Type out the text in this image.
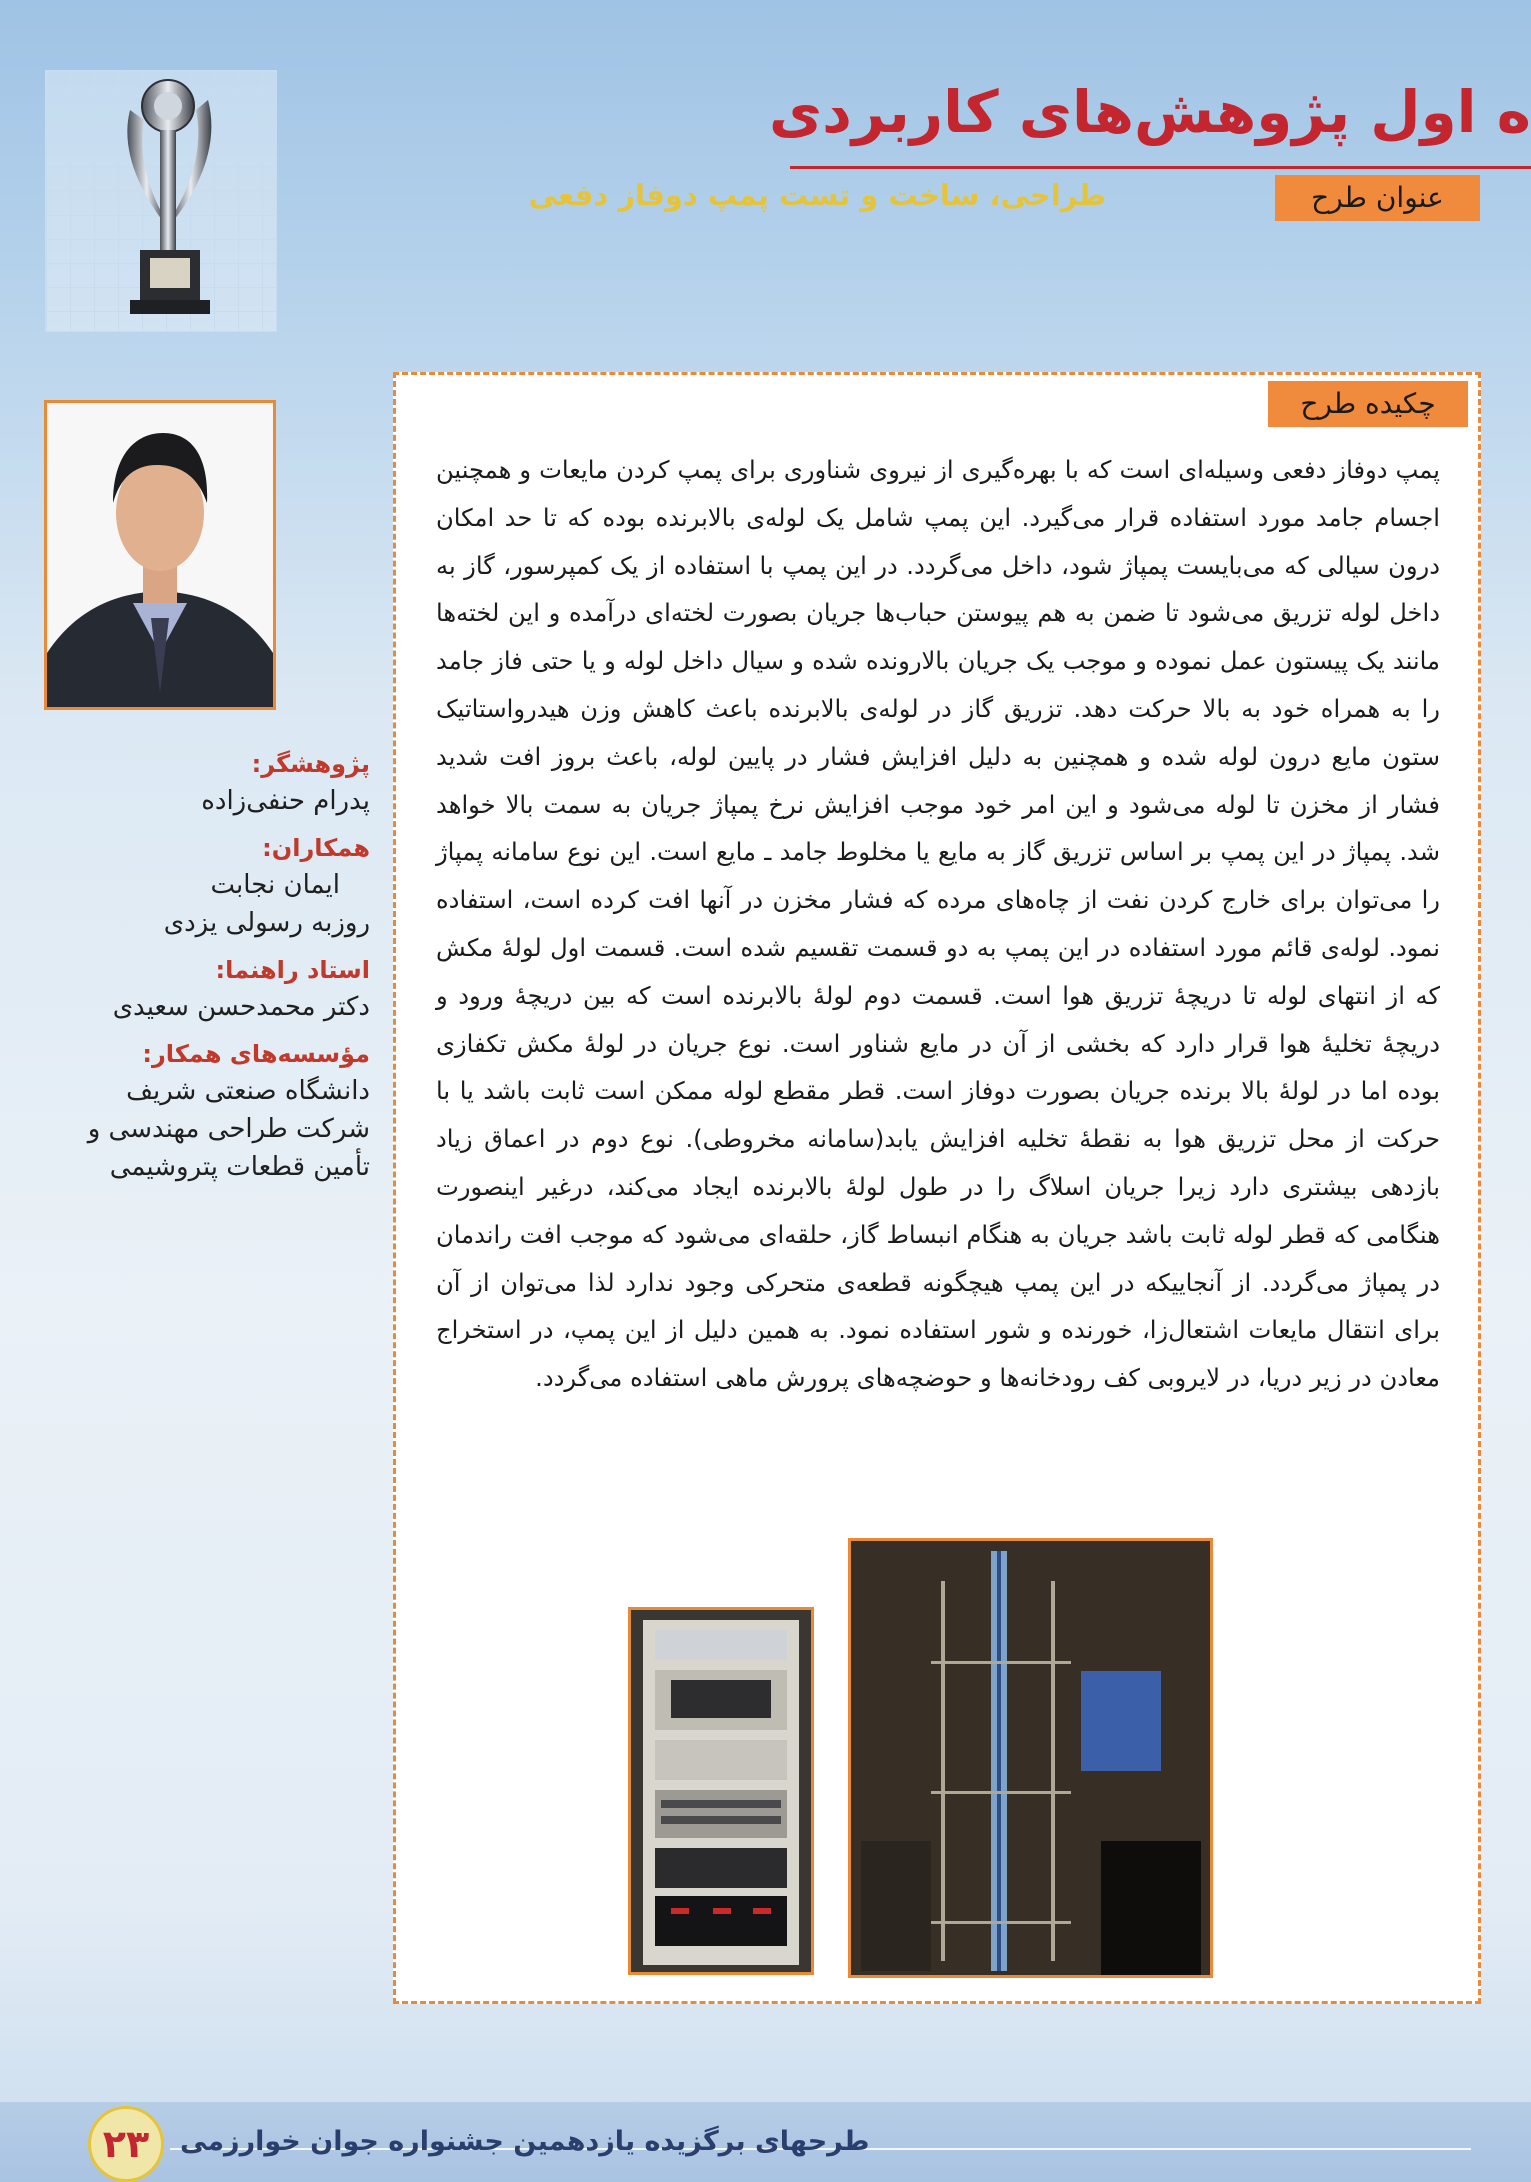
ه اول پژوهش‌های کاربردی
عنوان طرح
طراحی، ساخت و تست پمپ دوفاز دفعی

پژوهشگر:

پدرام حنفی‌زاده

همکاران:

ایمان نجابت

روزبه رسولی یزدی

استاد راهنما:

دکتر محمدحسن سعیدی

مؤسسه‌های همکار:

دانشگاه صنعتی شریف

شرکت طراحی مهندسی و

تأمین قطعات پتروشیمی

چکیده طرح

پمپ دوفاز دفعی وسیله‌ای است که با بهره‌گیری از نیروی شناوری برای پمپ کردن مایعات و همچنین اجسام جامد مورد استفاده قرار می‌گیرد. این پمپ شامل یک لوله‌ی بالابرنده بوده که تا حد امکان درون سیالی که می‌بایست پمپاژ شود، داخل می‌گردد. در این پمپ با استفاده از یک کمپرسور، گاز به داخل لوله تزریق می‌شود تا ضمن به هم پیوستن حباب‌ها جریان بصورت لخته‌ای درآمده و این لخته‌ها مانند یک پیستون عمل نموده و موجب یک جریان بالارونده شده و سیال داخل لوله و یا حتی فاز جامد را به همراه خود به بالا حرکت دهد. تزریق گاز در لوله‌ی بالابرنده باعث کاهش وزن هیدرواستاتیک ستون مایع درون لوله شده و همچنین به دلیل افزایش فشار در پایین لوله، باعث بروز افت شدید فشار از مخزن تا لوله می‌شود و این امر خود موجب افزایش نرخ پمپاژ جریان به سمت بالا خواهد شد. پمپاژ در این پمپ بر اساس تزریق گاز به مایع یا مخلوط جامد ـ مایع است. این نوع سامانه پمپاژ را می‌توان برای خارج کردن نفت از چاه‌های مرده که فشار مخزن در آنها افت کرده است، استفاده نمود. لوله‌ی قائم مورد استفاده در این پمپ به دو قسمت تقسیم شده است. قسمت اول لولهٔ مکش که از انتهای لوله تا دریچهٔ تزریق هوا است. قسمت دوم لولهٔ بالابرنده است که بین دریچهٔ ورود و دریچهٔ تخلیهٔ هوا قرار دارد که بخشی از آن در مایع شناور است. نوع جریان در لولهٔ مکش تکفازی بوده اما در لولهٔ بالا برنده جریان بصورت دوفاز است. قطر مقطع لوله ممکن است ثابت باشد یا با حرکت از محل تزریق هوا به نقطهٔ تخلیه افزایش یابد(سامانه مخروطی). نوع دوم در اعماق زیاد بازدهی بیشتری دارد زیرا جریان اسلاگ را در طول لولهٔ بالابرنده ایجاد می‌کند، درغیر اینصورت هنگامی که قطر لوله ثابت باشد جریان به هنگام انبساط گاز، حلقه‌ای می‌شود که موجب افت راندمان در پمپاژ می‌گردد. از آنجاییکه در این پمپ هیچگونه قطعه‌ی متحرکی وجود ندارد لذا می‌توان از آن برای انتقال مایعات اشتعال‌زا، خورنده و شور استفاده نمود. به همین دلیل از این پمپ، در استخراج معادن در زیر دریا، در لایروبی کف رودخانه‌ها و حوضچه‌های پرورش ماهی استفاده می‌گردد.

۲۳	طرحهای برگزیده یازدهمین جشنواره جوان خوارزمی
